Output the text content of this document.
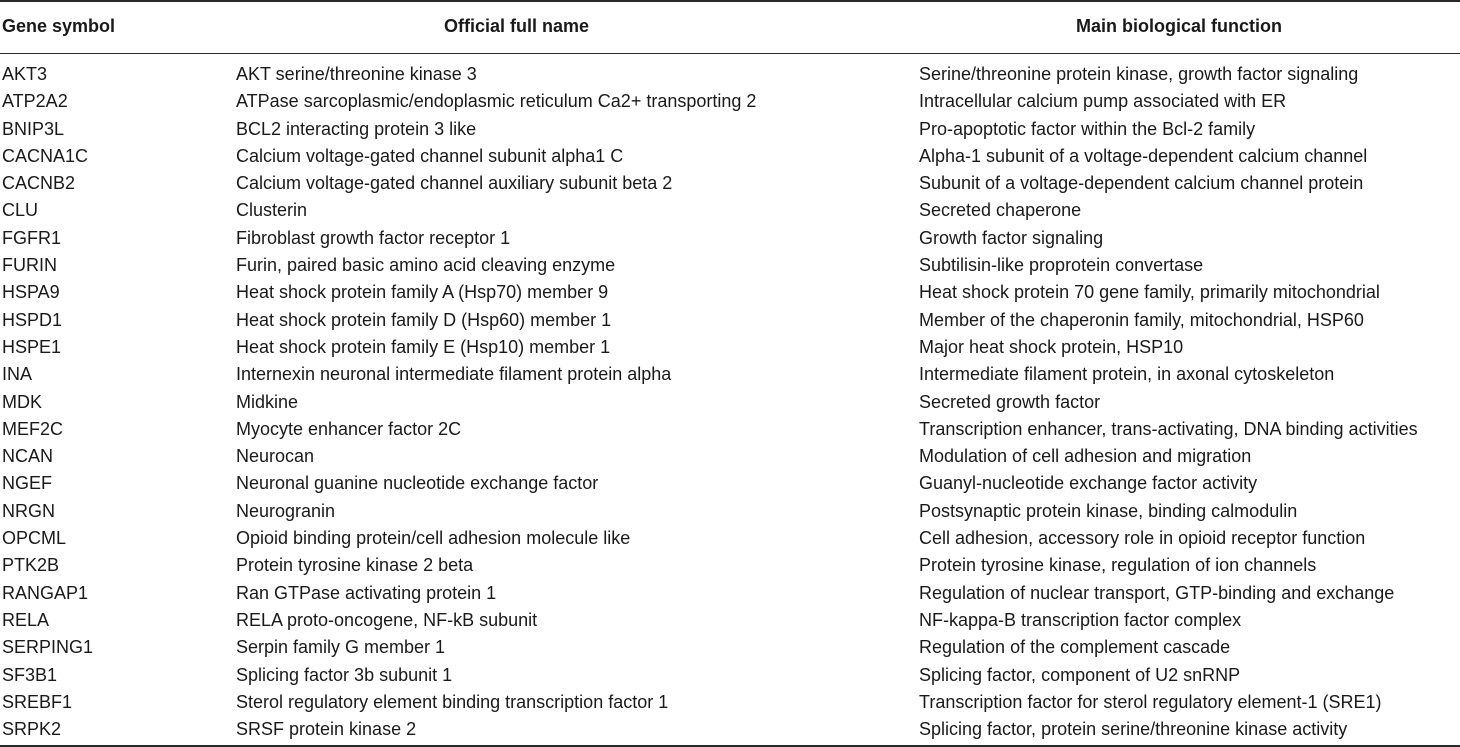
Gene symbol	Official full name	Main biological function
AKT3	AKT serine/threonine kinase 3	Serine/threonine protein kinase, growth factor signaling
ATP2A2	ATPase sarcoplasmic/endoplasmic reticulum Ca2+ transporting 2	Intracellular calcium pump associated with ER
BNIP3L	BCL2 interacting protein 3 like	Pro-apoptotic factor within the Bcl-2 family
CACNA1C	Calcium voltage-gated channel subunit alpha1 C	Alpha-1 subunit of a voltage-dependent calcium channel
CACNB2	Calcium voltage-gated channel auxiliary subunit beta 2	Subunit of a voltage-dependent calcium channel protein
CLU	Clusterin	Secreted chaperone
FGFR1	Fibroblast growth factor receptor 1	Growth factor signaling
FURIN	Furin, paired basic amino acid cleaving enzyme	Subtilisin-like proprotein convertase
HSPA9	Heat shock protein family A (Hsp70) member 9	Heat shock protein 70 gene family, primarily mitochondrial
HSPD1	Heat shock protein family D (Hsp60) member 1	Member of the chaperonin family, mitochondrial, HSP60
HSPE1	Heat shock protein family E (Hsp10) member 1	Major heat shock protein, HSP10
INA	Internexin neuronal intermediate filament protein alpha	Intermediate filament protein, in axonal cytoskeleton
MDK	Midkine	Secreted growth factor
MEF2C	Myocyte enhancer factor 2C	Transcription enhancer, trans-activating, DNA binding activities
NCAN	Neurocan	Modulation of cell adhesion and migration
NGEF	Neuronal guanine nucleotide exchange factor	Guanyl-nucleotide exchange factor activity
NRGN	Neurogranin	Postsynaptic protein kinase, binding calmodulin
OPCML	Opioid binding protein/cell adhesion molecule like	Cell adhesion, accessory role in opioid receptor function
PTK2B	Protein tyrosine kinase 2 beta	Protein tyrosine kinase, regulation of ion channels
RANGAP1	Ran GTPase activating protein 1	Regulation of nuclear transport, GTP-binding and exchange
RELA	RELA proto-oncogene, NF-kB subunit	NF-kappa-B transcription factor complex
SERPING1	Serpin family G member 1	Regulation of the complement cascade
SF3B1	Splicing factor 3b subunit 1	Splicing factor, component of U2 snRNP
SREBF1	Sterol regulatory element binding transcription factor 1	Transcription factor for sterol regulatory element-1 (SRE1)
SRPK2	SRSF protein kinase 2	Splicing factor, protein serine/threonine kinase activity
